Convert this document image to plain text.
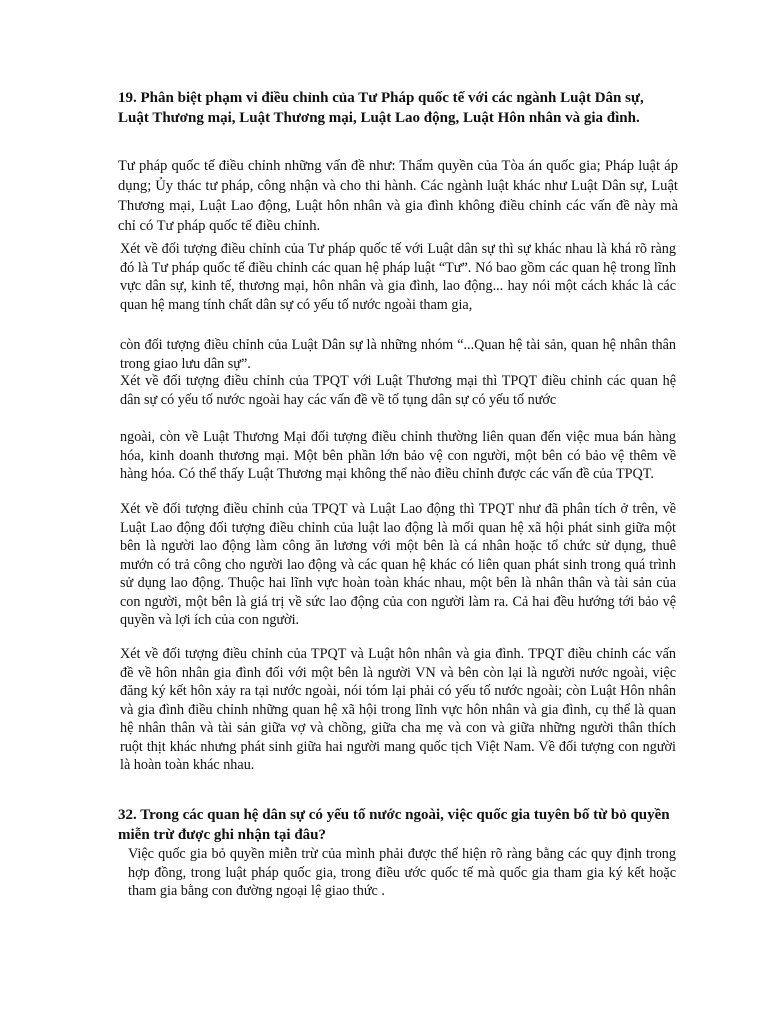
19. Phân biệt phạm vi điều chỉnh của Tư Pháp quốc tế với các ngành Luật Dân sự, Luật Thương mại, Luật Thương mại, Luật Lao động, Luật Hôn nhân và gia đình.

Tư pháp quốc tế điều chỉnh những vấn đề như: Thẩm quyền của Tòa án quốc gia; Pháp luật áp dụng; Ủy thác tư pháp, công nhận và cho thi hành. Các ngành luật khác như Luật Dân sự, Luật Thương mại, Luật Lao động, Luật hôn nhân và gia đình không điều chỉnh các vấn đề này mà chỉ có Tư pháp quốc tế điều chỉnh.

Xét về đối tượng điều chỉnh của Tư pháp quốc tế với Luật dân sự thì sự khác nhau là khá rõ ràng đó là Tư pháp quốc tế điều chỉnh các quan hệ pháp luật “Tư”. Nó bao gồm các quan hệ trong lĩnh vực dân sự, kinh tế, thương mại, hôn nhân và gia đình, lao động... hay nói một cách khác là các quan hệ mang tính chất dân sự có yếu tố nước ngoài tham gia,

còn đối tượng điều chỉnh của Luật Dân sự là những nhóm “...Quan hệ tài sản, quan hệ nhân thân trong giao lưu dân sự”.

Xét về đối tượng điều chỉnh của TPQT với Luật Thương mại thì TPQT điều chỉnh các quan hệ dân sự có yếu tố nước ngoài hay các vấn đề về tố tụng dân sự có yếu tố nước

ngoài, còn về Luật Thương Mại đối tượng điều chỉnh thường liên quan đến việc mua bán hàng hóa, kinh doanh thương mại. Một bên phần lớn bảo vệ con người, một bên có bảo vệ thêm về hàng hóa. Có thể thấy Luật Thương mại không thể nào điều chỉnh được các vấn đề của TPQT.

Xét về đối tượng điều chỉnh của TPQT và Luật Lao động thì TPQT như đã phân tích ở trên, về Luật Lao động đối tượng điều chỉnh của luật lao động là mối quan hệ xã hội phát sinh giữa một bên là người lao động làm công ăn lương với một bên là cá nhân hoặc tổ chức sử dụng, thuê mướn có trả công cho người lao động và các quan hệ khác có liên quan phát sinh trong quá trình sử dụng lao động. Thuộc hai lĩnh vực hoàn toàn khác nhau, một bên là nhân thân và tài sản của con người, một bên là giá trị về sức lao động của con người làm ra. Cả hai đều hướng tới bảo vệ quyền và lợi ích của con người.

Xét về đối tượng điều chỉnh của TPQT và Luật hôn nhân và gia đình. TPQT điều chỉnh các vấn đề về hôn nhân gia đình đối với một bên là người VN và bên còn lại là người nước ngoài, việc đăng ký kết hôn xảy ra tại nước ngoài, nói tóm lại phải có yếu tố nước ngoài; còn Luật Hôn nhân và gia đình điều chỉnh những quan hệ xã hội trong lĩnh vực hôn nhân và gia đình, cụ thể là quan hệ nhân thân và tài sản giữa vợ và chồng, giữa cha mẹ và con và giữa những người thân thích ruột thịt khác nhưng phát sinh giữa hai người mang quốc tịch Việt Nam. Về đối tượng con người là hoàn toàn khác nhau.

32. Trong các quan hệ dân sự có yếu tố nước ngoài, việc quốc gia tuyên bố từ bỏ quyền miễn trừ được ghi nhận tại đâu?

Việc quốc gia bỏ quyền miễn trừ của mình phải được thể hiện rõ ràng bằng các quy định trong hợp đồng, trong luật pháp quốc gia, trong điều ước quốc tế mà quốc gia tham gia ký kết hoặc tham gia bằng con đường ngoại lệ giao thức .
